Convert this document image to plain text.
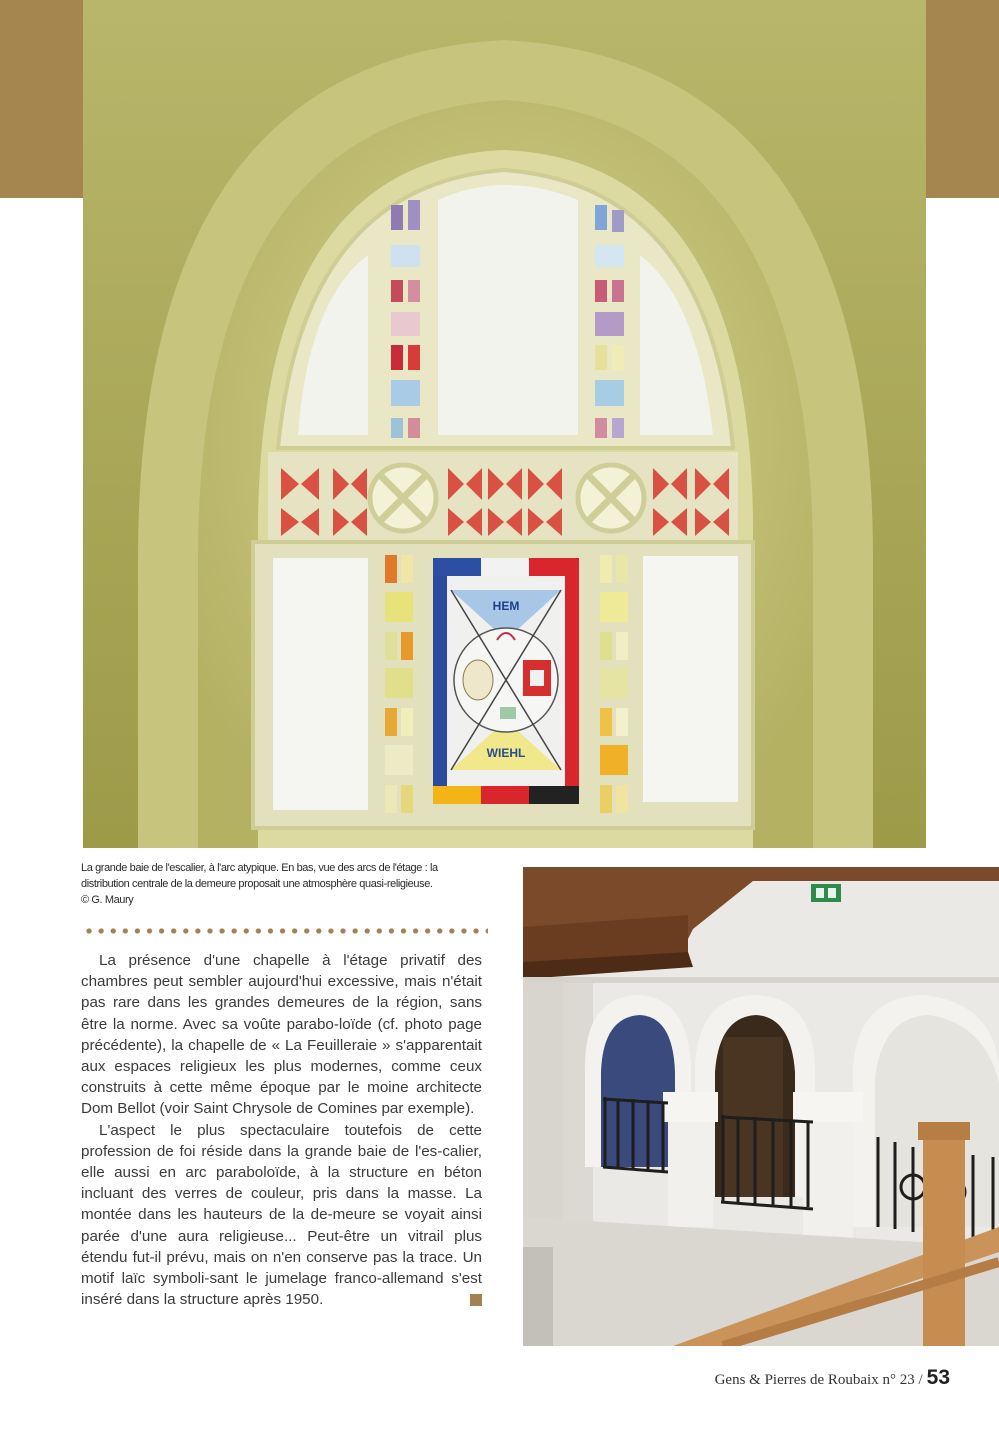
HEM
WIEHL

La grande baie de l'escalier, à l'arc atypique. En bas, vue des arcs de l'étage : la

distribution centrale de la demeure proposait une atmosphère quasi-religieuse.

© G. Maury

La présence d'une chapelle à l'étage privatif des chambres peut sembler aujourd'hui excessive, mais n'était pas rare dans les grandes demeures de la région, sans être la norme. Avec sa voûte parabo-loïde (cf. photo page précédente), la chapelle de « La Feuilleraie » s'apparentait aux espaces religieux les plus modernes, comme ceux construits à cette même époque par le moine architecte Dom Bellot (voir Saint Chrysole de Comines par exemple).

L'aspect le plus spectaculaire toutefois de cette profession de foi réside dans la grande baie de l'es-calier, elle aussi en arc paraboloïde, à la structure en béton incluant des verres de couleur, pris dans la masse. La montée dans les hauteurs de la de-meure se voyait ainsi parée d'une aura religieuse... Peut-être un vitrail plus étendu fut-il prévu, mais on n'en conserve pas la trace. Un motif laïc symboli-sant le jumelage franco-allemand s'est inséré dans la structure après 1950.

Gens & Pierres de Roubaix n° 23 / 53
